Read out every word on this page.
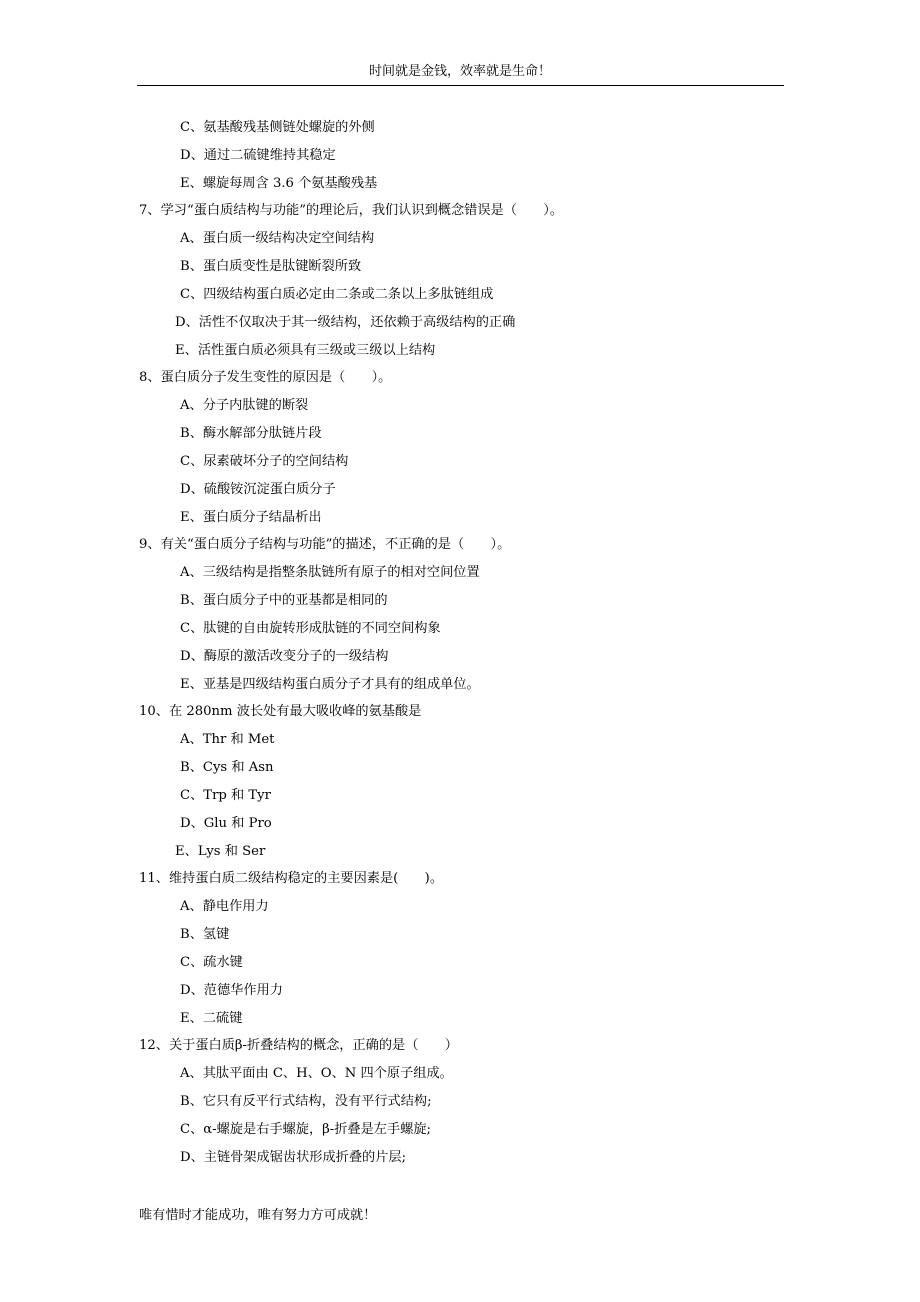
时间就是金钱，效率就是生命！
C、氨基酸残基侧链处螺旋的外侧
D、通过二硫键维持其稳定
E、螺旋每周含 3.6 个氨基酸残基
7、学习“蛋白质结构与功能”的理论后，我们认识到概念错误是（　　）。
A、蛋白质一级结构决定空间结构
B、蛋白质变性是肽键断裂所致
C、四级结构蛋白质必定由二条或二条以上多肽链组成
D、活性不仅取决于其一级结构，还依赖于高级结构的正确
E、活性蛋白质必须具有三级或三级以上结构
8、蛋白质分子发生变性的原因是（　　）。
A、分子内肽键的断裂
B、酶水解部分肽链片段
C、尿素破坏分子的空间结构
D、硫酸铵沉淀蛋白质分子
E、蛋白质分子结晶析出
9、有关“蛋白质分子结构与功能”的描述，不正确的是（　　）。
A、三级结构是指整条肽链所有原子的相对空间位置
B、蛋白质分子中的亚基都是相同的
C、肽键的自由旋转形成肽链的不同空间构象
D、酶原的激活改变分子的一级结构
E、亚基是四级结构蛋白质分子才具有的组成单位。
10、在 280nm 波长处有最大吸收峰的氨基酸是
A、Thr 和 Met
B、Cys 和 Asn
C、Trp 和 Tyr
D、Glu 和 Pro
E、Lys 和 Ser
11、维持蛋白质二级结构稳定的主要因素是(　　)。
A、静电作用力
B、氢键
C、疏水键
D、范德华作用力
E、二硫键
12、关于蛋白质β-折叠结构的概念，正确的是（　　）
A、其肽平面由 C、H、O、N 四个原子组成。
B、它只有反平行式结构，没有平行式结构;
C、α-螺旋是右手螺旋，β-折叠是左手螺旋;
D、主链骨架成锯齿状形成折叠的片层;
唯有惜时才能成功，唯有努力方可成就！
